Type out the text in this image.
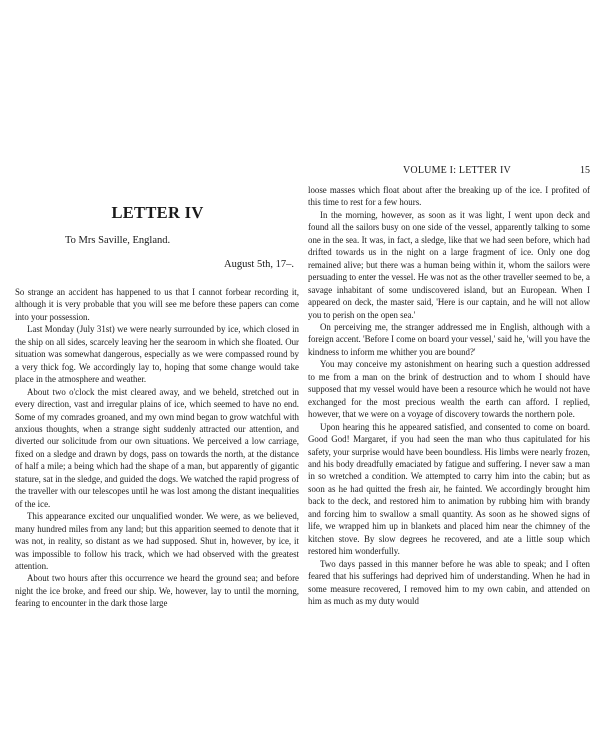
LETTER IV

To Mrs Saville, England.

August 5th, 17–.

So strange an accident has happened to us that I cannot forbear recording it, although it is very probable that you will see me before these papers can come into your possession.

Last Monday (July 31st) we were nearly surrounded by ice, which closed in the ship on all sides, scarcely leaving her the searoom in which she floated. Our situation was somewhat dangerous, especially as we were compassed round by a very thick fog. We accordingly lay to, hoping that some change would take place in the atmosphere and weather.

About two o'clock the mist cleared away, and we beheld, stretched out in every direction, vast and irregular plains of ice, which seemed to have no end. Some of my comrades groaned, and my own mind began to grow watchful with anxious thoughts, when a strange sight suddenly attracted our attention, and diverted our solicitude from our own situations. We perceived a low carriage, fixed on a sledge and drawn by dogs, pass on towards the north, at the distance of half a mile; a being which had the shape of a man, but apparently of gigantic stature, sat in the sledge, and guided the dogs. We watched the rapid progress of the traveller with our telescopes until he was lost among the distant inequalities of the ice.

This appearance excited our unqualified wonder. We were, as we believed, many hundred miles from any land; but this apparition seemed to denote that it was not, in reality, so distant as we had supposed. Shut in, however, by ice, it was impossible to follow his track, which we had observed with the greatest attention.

About two hours after this occurrence we heard the ground sea; and before night the ice broke, and freed our ship. We, however, lay to until the morning, fearing to encounter in the dark those large

VOLUME I: LETTER IV	15

loose masses which float about after the breaking up of the ice. I profited of this time to rest for a few hours.

In the morning, however, as soon as it was light, I went upon deck and found all the sailors busy on one side of the vessel, apparently talking to some one in the sea. It was, in fact, a sledge, like that we had seen before, which had drifted towards us in the night on a large fragment of ice. Only one dog remained alive; but there was a human being within it, whom the sailors were persuading to enter the vessel. He was not as the other traveller seemed to be, a savage inhabitant of some undiscovered island, but an European. When I appeared on deck, the master said, 'Here is our captain, and he will not allow you to perish on the open sea.'

On perceiving me, the stranger addressed me in English, although with a foreign accent. 'Before I come on board your vessel,' said he, 'will you have the kindness to inform me whither you are bound?'

You may conceive my astonishment on hearing such a question addressed to me from a man on the brink of destruction and to whom I should have supposed that my vessel would have been a resource which he would not have exchanged for the most precious wealth the earth can afford. I replied, however, that we were on a voyage of discovery towards the northern pole.

Upon hearing this he appeared satisfied, and consented to come on board. Good God! Margaret, if you had seen the man who thus capitulated for his safety, your surprise would have been boundless. His limbs were nearly frozen, and his body dreadfully emaciated by fatigue and suffering. I never saw a man in so wretched a condition. We attempted to carry him into the cabin; but as soon as he had quitted the fresh air, he fainted. We accordingly brought him back to the deck, and restored him to animation by rubbing him with brandy and forcing him to swallow a small quantity. As soon as he showed signs of life, we wrapped him up in blankets and placed him near the chimney of the kitchen stove. By slow degrees he recovered, and ate a little soup which restored him wonderfully.

Two days passed in this manner before he was able to speak; and I often feared that his sufferings had deprived him of understanding. When he had in some measure recovered, I removed him to my own cabin, and attended on him as much as my duty would
